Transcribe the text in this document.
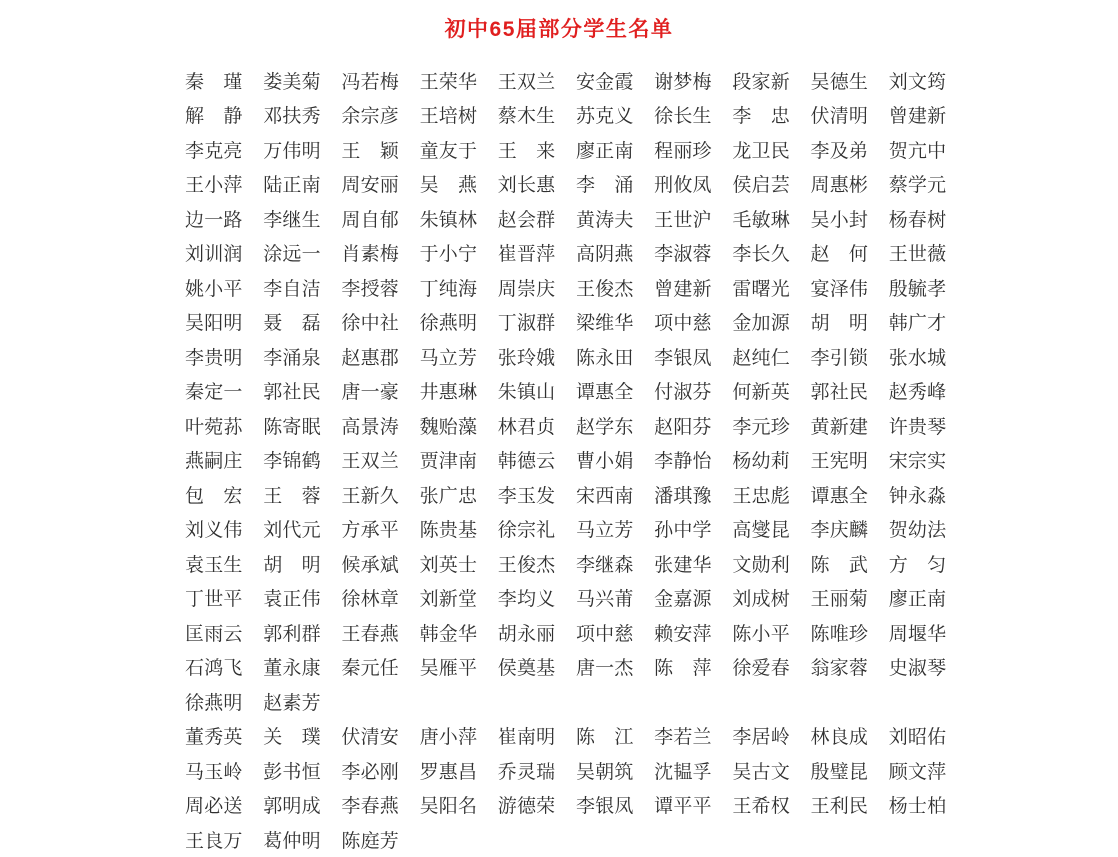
初中65届部分学生名单
秦　瑾 娄美菊 冯若梅 王荣华 王双兰 安金霞 谢梦梅 段家新 吴德生 刘文筠
解　静 邓扶秀 余宗彦 王培树 蔡木生 苏克义 徐长生 李　忠 伏清明 曾建新
李克亮 万伟明 王　颖 童友于 王　来 廖正南 程丽珍 龙卫民 李及弟 贺亢中
王小萍 陆正南 周安丽 吴　燕 刘长惠 李　涌 刑攸凤 侯启芸 周惠彬 蔡学元
边一路 李继生 周自郁 朱镇林 赵会群 黄涛夫 王世沪 毛敏琳 吴小封 杨春树
刘训润 涂远一 肖素梅 于小宁 崔晋萍 高阴燕 李淑蓉 李长久 赵　何 王世薇
姚小平 李自洁 李授蓉 丁纯海 周崇庆 王俊杰 曾建新 雷曙光 宴泽伟 殷毓孝
吴阳明 聂　磊 徐中社 徐燕明 丁淑群 梁维华 项中慈 金加源 胡　明 韩广才
李贵明 李涌泉 赵惠郡 马立芳 张玲娥 陈永田 李银凤 赵纯仁 李引锁 张水城
秦定一 郭社民 唐一豪 井惠琳 朱镇山 谭惠全 付淑芬 何新英 郭社民 赵秀峰
叶菀荪 陈寄眠 高景涛 魏贻藻 林君贞 赵学东 赵阳芬 李元珍 黄新建 许贵琴
燕嗣庄 李锦鹤 王双兰 贾津南 韩德云 曹小娟 李静怡 杨幼莉 王宪明 宋宗实
包　宏 王　蓉 王新久 张广忠 李玉发 宋西南 潘琪豫 王忠彪 谭惠全 钟永淼
刘义伟 刘代元 方承平 陈贵基 徐宗礼 马立芳 孙中学 高燮昆 李庆麟 贺幼法
袁玉生 胡　明 候承斌 刘英士 王俊杰 李继森 张建华 文勋利 陈　武 方　匀
丁世平 袁正伟 徐林章 刘新堂 李均义 马兴莆 金嘉源 刘成树 王丽菊 廖正南
匡雨云 郭利群 王春燕 韩金华 胡永丽 项中慈 赖安萍 陈小平 陈唯珍 周堰华
石鸿飞 董永康 秦元任 吴雁平 侯奠基 唐一杰 陈　萍 徐爱春 翁家蓉 史淑琴
徐燕明 赵素芳
董秀英 关　璞 伏清安 唐小萍 崔南明 陈　江 李若兰 李居岭 林良成 刘昭佑
马玉岭 彭书恒 李必刚 罗惠昌 乔灵瑞 吴朝筑 沈韫孚 吴古文 殷璧昆 顾文萍
周必送 郭明成 李春燕 吴阳名 游德荣 李银凤 谭平平 王希权 王利民 杨士柏
王良万 葛仲明 陈庭芳
